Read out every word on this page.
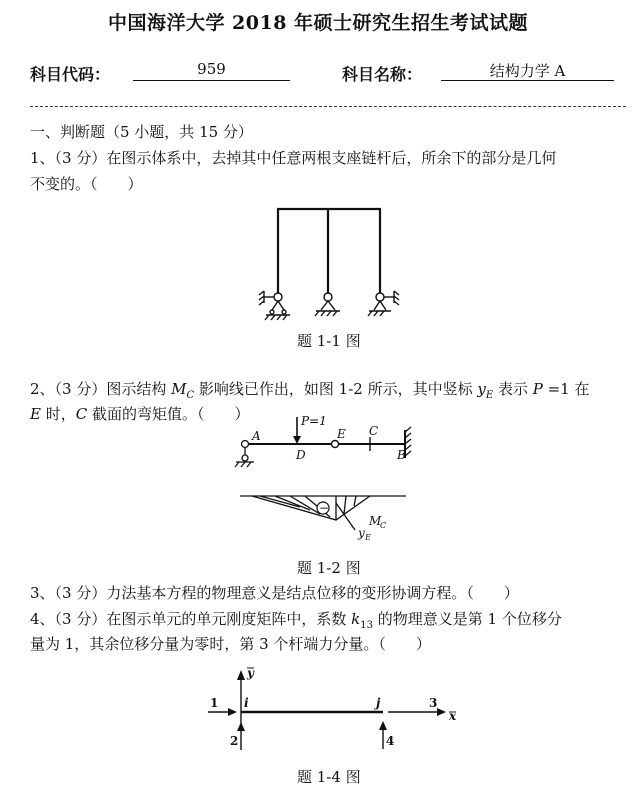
中国海洋大学 2018 年硕士研究生招生考试试题
科目代码：	959	科目名称：	结构力学 A
一、判断题（5 小题，共 15 分）
1、（3 分）在图示体系中，去掉其中任意两根支座链杆后，所余下的部分是几何
不变的。（　　）
题 1-1 图
2、（3 分）图示结构 $M_C$ 影响线已作出，如图 1-2 所示，其中竖标 $y_E$ 表示 P =1 在
E 时，C 截面的弯矩值。（　　）	P=1
A
D
E C
B
−
M
C
y E
题 1-2 图
3、（3 分）力法基本方程的物理意义是结点位移的变形协调方程。（　　）
4、（3 分）在图示单元的单元刚度矩阵中，系数 $k_{13}$ 的物理意义是第 1 个位移分
量为 1，其余位移分量为零时，第 3 个杆端力分量。（　　）
y
x
i	j
1
2
3
4
题 1-4 图
